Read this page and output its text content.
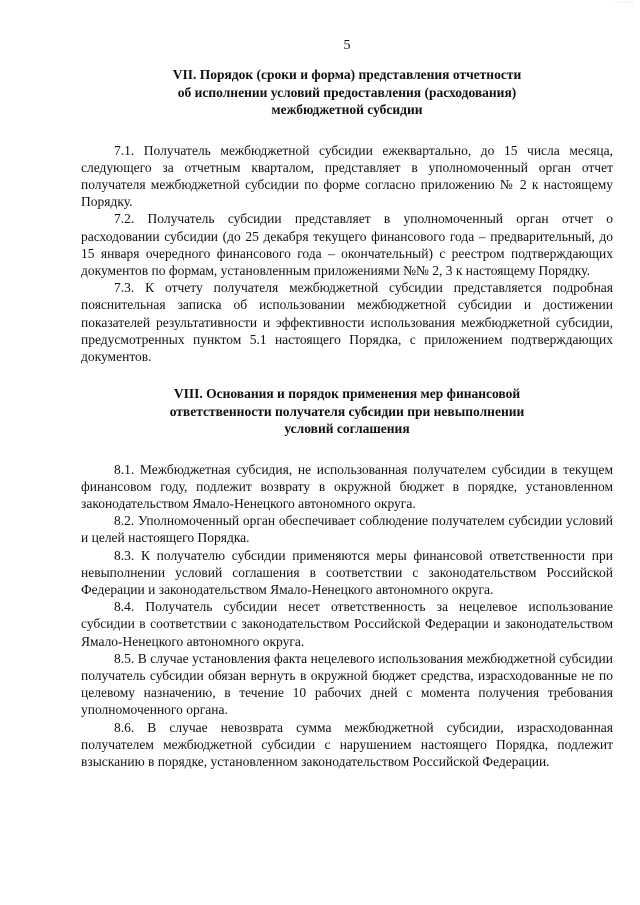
‧ ‧‧‧‧‧‧‧
5
VII. Порядок (сроки и форма) представления отчетности
об исполнении условий предоставления (расходования)
межбюджетной субсидии

7.1. Получатель межбюджетной субсидии ежеквартально, до 15 числа месяца, следующего за отчетным кварталом, представляет в уполномоченный орган отчет получателя межбюджетной субсидии по форме согласно приложению № 2 к настоящему Порядку.

7.2. Получатель субсидии представляет в уполномоченный орган отчет о расходовании субсидии (до 25 декабря текущего финансового года – предварительный, до 15 января очередного финансового года – окончательный) с реестром подтверждающих документов по формам, установленным приложениями №№ 2, 3 к настоящему Порядку.

7.3. К отчету получателя межбюджетной субсидии представляется подробная пояснительная записка об использовании межбюджетной субсидии и достижении показателей результативности и эффективности использования межбюджетной субсидии, предусмотренных пунктом 5.1 настоящего Порядка, с приложением подтверждающих документов.

VIII. Основания и порядок применения мер финансовой
ответственности получателя субсидии при невыполнении
условий соглашения

8.1. Межбюджетная субсидия, не использованная получателем субсидии в текущем финансовом году, подлежит возврату в окружной бюджет в порядке, установленном законодательством Ямало-Ненецкого автономного округа.

8.2. Уполномоченный орган обеспечивает соблюдение получателем субсидии условий и целей настоящего Порядка.

8.3. К получателю субсидии применяются меры финансовой ответственности при невыполнении условий соглашения в соответствии с законодательством Российской Федерации и законодательством Ямало-Ненецкого автономного округа.

8.4. Получатель субсидии несет ответственность за нецелевое использование субсидии в соответствии с законодательством Российской Федерации и законодательством Ямало-Ненецкого автономного округа.

8.5. В случае установления факта нецелевого использования межбюджетной субсидии получатель субсидии обязан вернуть в окружной бюджет средства, израсходованные не по целевому назначению, в течение 10 рабочих дней с момента получения требования уполномоченного органа.

8.6. В случае невозврата сумма межбюджетной субсидии, израсходованная получателем межбюджетной субсидии с нарушением настоящего Порядка, подлежит взысканию в порядке, установленном законодательством Российской Федерации.
